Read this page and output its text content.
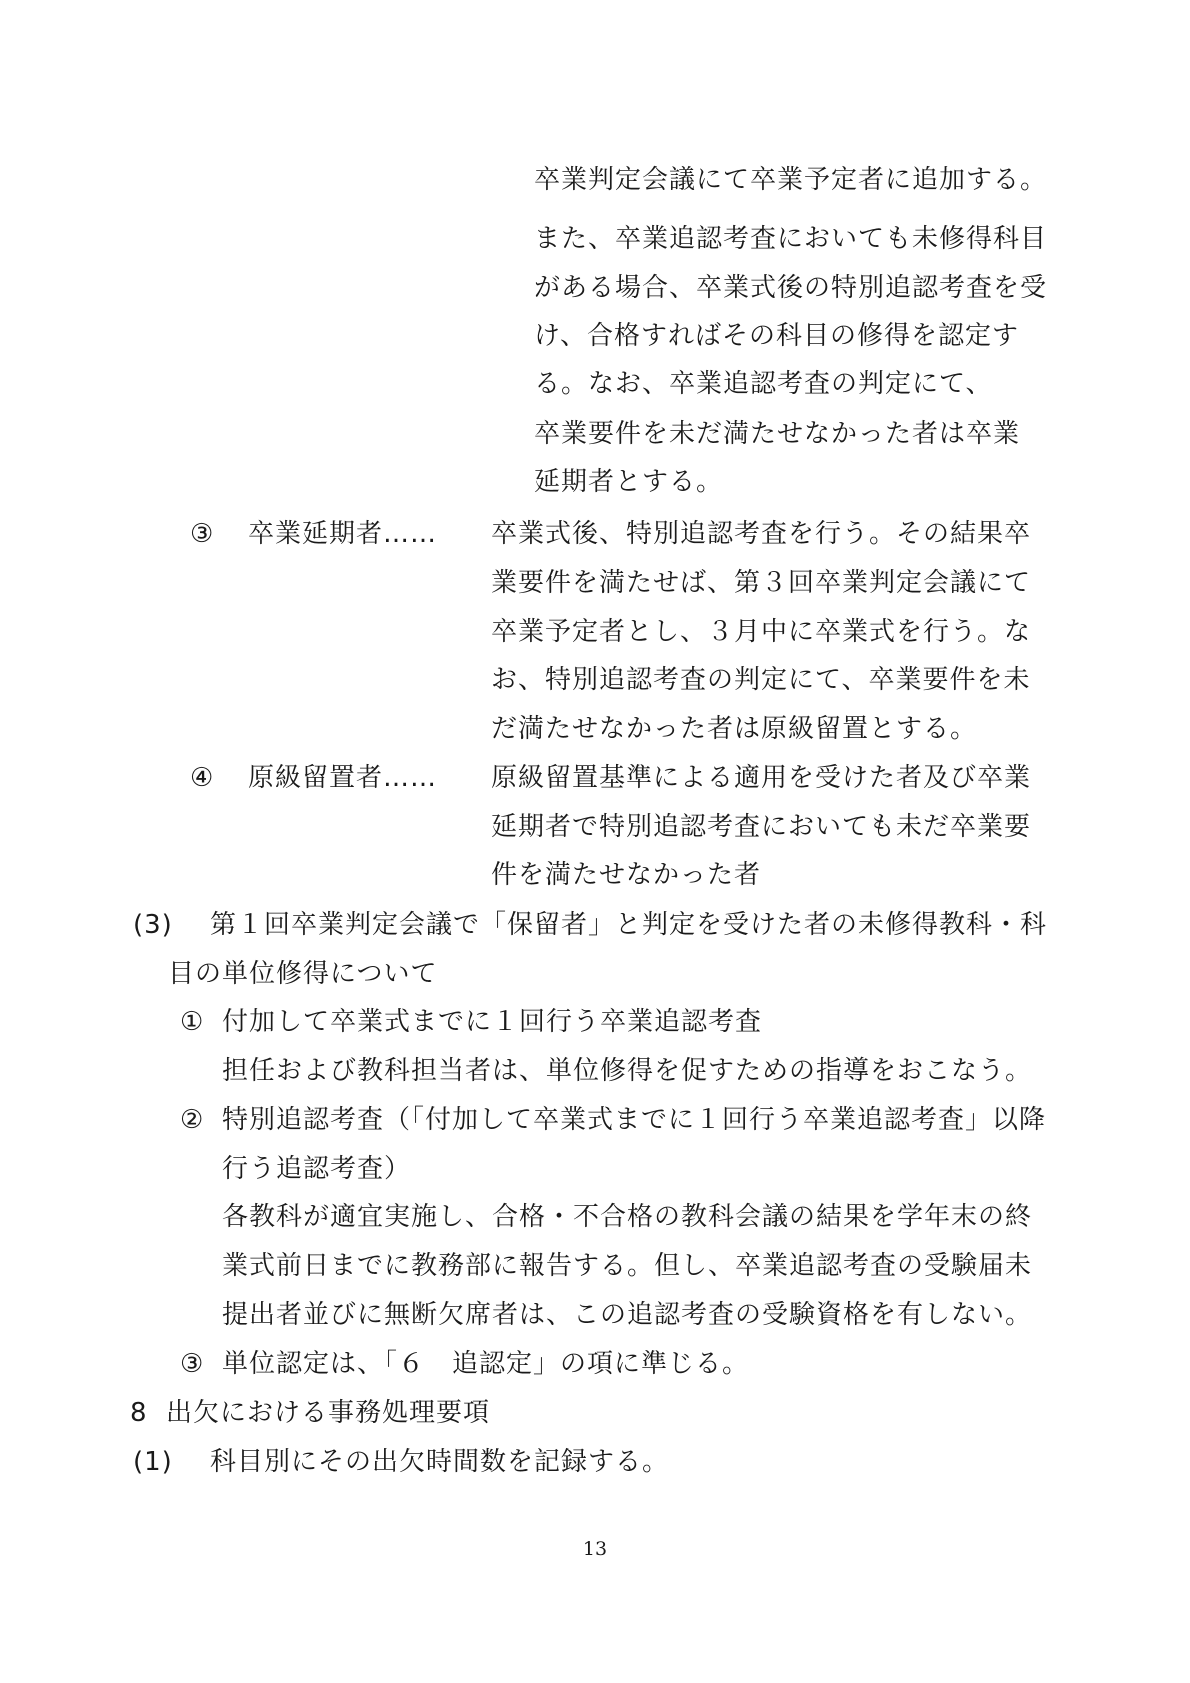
卒業判定会議にて卒業予定者に追加する。
また、卒業追認考査においても未修得科目
がある場合、卒業式後の特別追認考査を受
け、合格すればその科目の修得を認定す
る。なお、卒業追認考査の判定にて、
卒業要件を未だ満たせなかった者は卒業
延期者とする。
③ 卒業延期者…… 卒業式後、特別追認考査を行う。その結果卒
業要件を満たせば、第３回卒業判定会議にて
卒業予定者とし、３月中に卒業式を行う。な
お、特別追認考査の判定にて、卒業要件を未
だ満たせなかった者は原級留置とする。
④ 原級留置者…… 原級留置基準による適用を受けた者及び卒業
延期者で特別追認考査においても未だ卒業要
件を満たせなかった者
(3) 第１回卒業判定会議で「保留者」と判定を受けた者の未修得教科・科
目の単位修得について
① 付加して卒業式までに１回行う卒業追認考査
担任および教科担当者は、単位修得を促すための指導をおこなう。
② 特別追認考査（「付加して卒業式までに１回行う卒業追認考査」以降
行う追認考査）
各教科が適宜実施し、合格・不合格の教科会議の結果を学年末の終
業式前日までに教務部に報告する。但し、卒業追認考査の受験届未
提出者並びに無断欠席者は、この追認考査の受験資格を有しない。
③ 単位認定は、「６　追認定」の項に準じる。
8 出欠における事務処理要項
(1) 科目別にその出欠時間数を記録する。
13
